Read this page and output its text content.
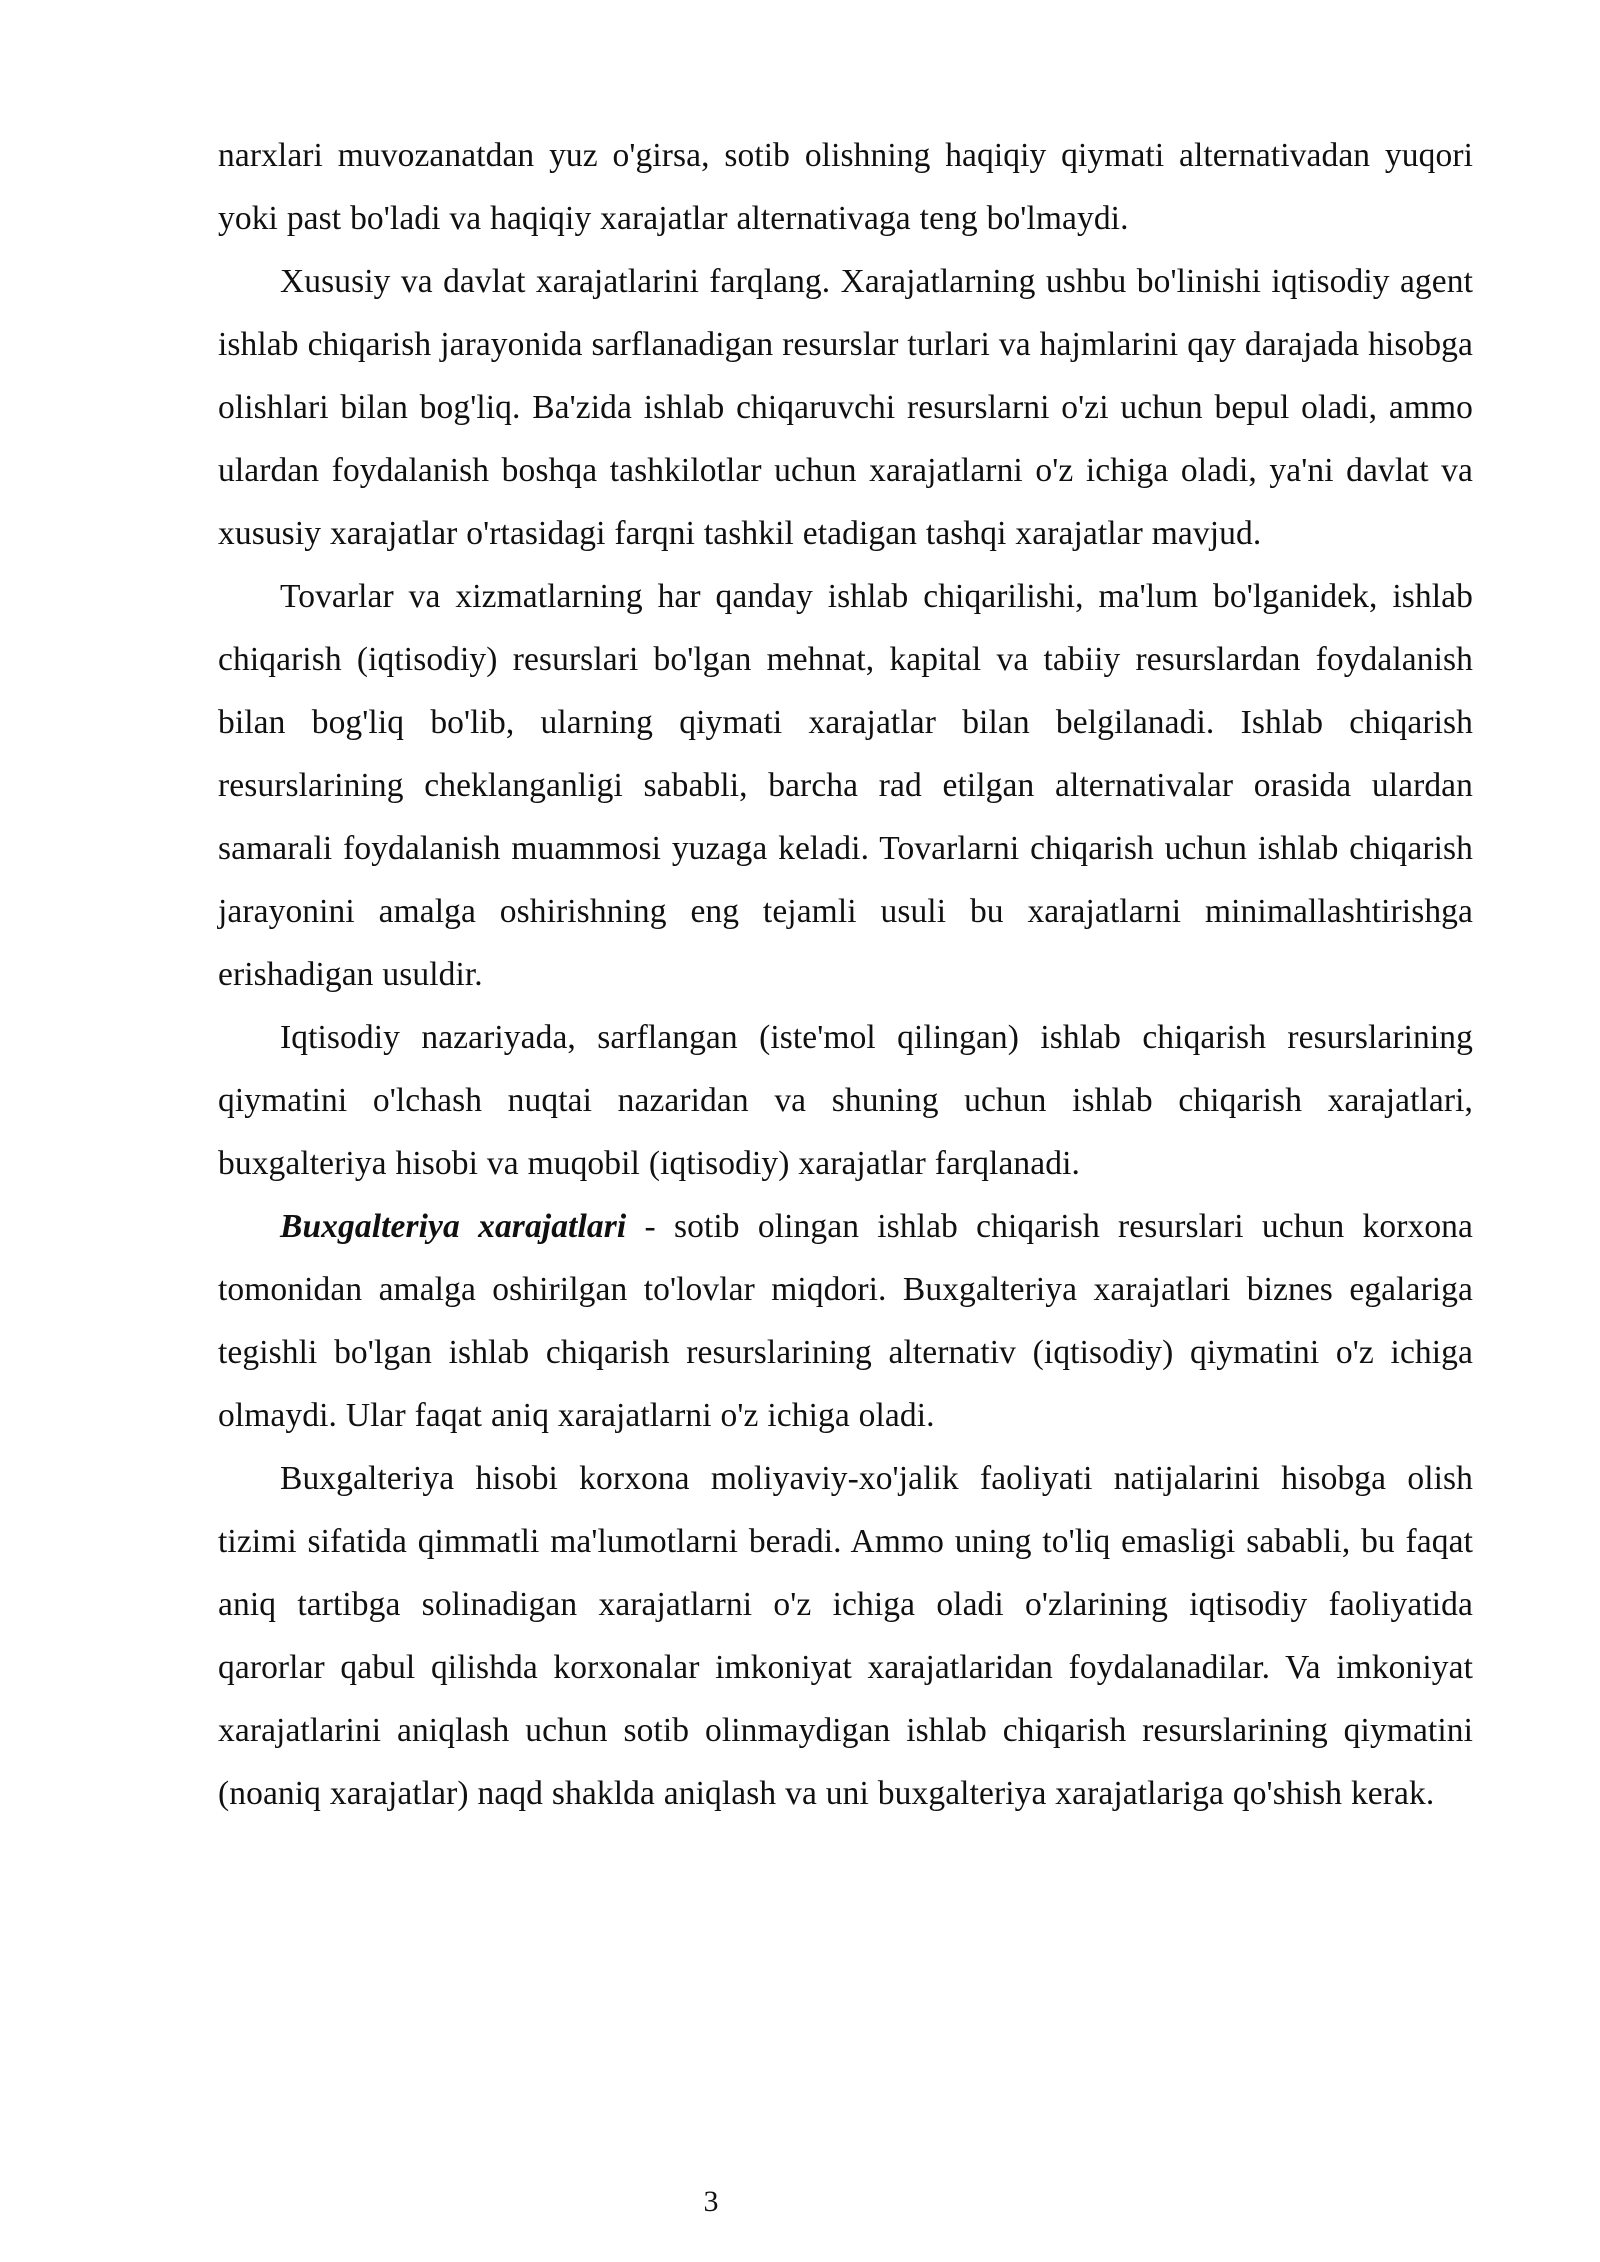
narxlari muvozanatdan yuz o'girsa, sotib olishning haqiqiy qiymati alternativadan yuqori yoki past bo'ladi va haqiqiy xarajatlar alternativaga teng bo'lmaydi.

Xususiy va davlat xarajatlarini farqlang. Xarajatlarning ushbu bo'linishi iqtisodiy agent ishlab chiqarish jarayonida sarflanadigan resurslar turlari va hajmlarini qay darajada hisobga olishlari bilan bog'liq. Ba'zida ishlab chiqaruvchi resurslarni o'zi uchun bepul oladi, ammo ulardan foydalanish boshqa tashkilotlar uchun xarajatlarni o'z ichiga oladi, ya'ni davlat va xususiy xarajatlar o'rtasidagi farqni tashkil etadigan tashqi xarajatlar mavjud.

Tovarlar va xizmatlarning har qanday ishlab chiqarilishi, ma'lum bo'lganidek, ishlab chiqarish (iqtisodiy) resurslari bo'lgan mehnat, kapital va tabiiy resurslardan foydalanish bilan bog'liq bo'lib, ularning qiymati xarajatlar bilan belgilanadi. Ishlab chiqarish resurslarining cheklanganligi sababli, barcha rad etilgan alternativalar orasida ulardan samarali foydalanish muammosi yuzaga keladi. Tovarlarni chiqarish uchun ishlab chiqarish jarayonini amalga oshirishning eng tejamli usuli bu xarajatlarni minimallashtirishga erishadigan usuldir.

Iqtisodiy nazariyada, sarflangan (iste'mol qilingan) ishlab chiqarish resurslarining qiymatini o'lchash nuqtai nazaridan va shuning uchun ishlab chiqarish xarajatlari, buxgalteriya hisobi va muqobil (iqtisodiy) xarajatlar farqlanadi.

Buxgalteriya xarajatlari - sotib olingan ishlab chiqarish resurslari uchun korxona tomonidan amalga oshirilgan to'lovlar miqdori. Buxgalteriya xarajatlari biznes egalariga tegishli bo'lgan ishlab chiqarish resurslarining alternativ (iqtisodiy) qiymatini o'z ichiga olmaydi. Ular faqat aniq xarajatlarni o'z ichiga oladi.

Buxgalteriya hisobi korxona moliyaviy-xo'jalik faoliyati natijalarini hisobga olish tizimi sifatida qimmatli ma'lumotlarni beradi. Ammo uning to'liq emasligi sababli, bu faqat aniq tartibga solinadigan xarajatlarni o'z ichiga oladi o'zlarining iqtisodiy faoliyatida qarorlar qabul qilishda korxonalar imkoniyat xarajatlaridan foydalanadilar. Va imkoniyat xarajatlarini aniqlash uchun sotib olinmaydigan ishlab chiqarish resurslarining qiymatini (noaniq xarajatlar) naqd shaklda aniqlash va uni buxgalteriya xarajatlariga qo'shish kerak.

3
